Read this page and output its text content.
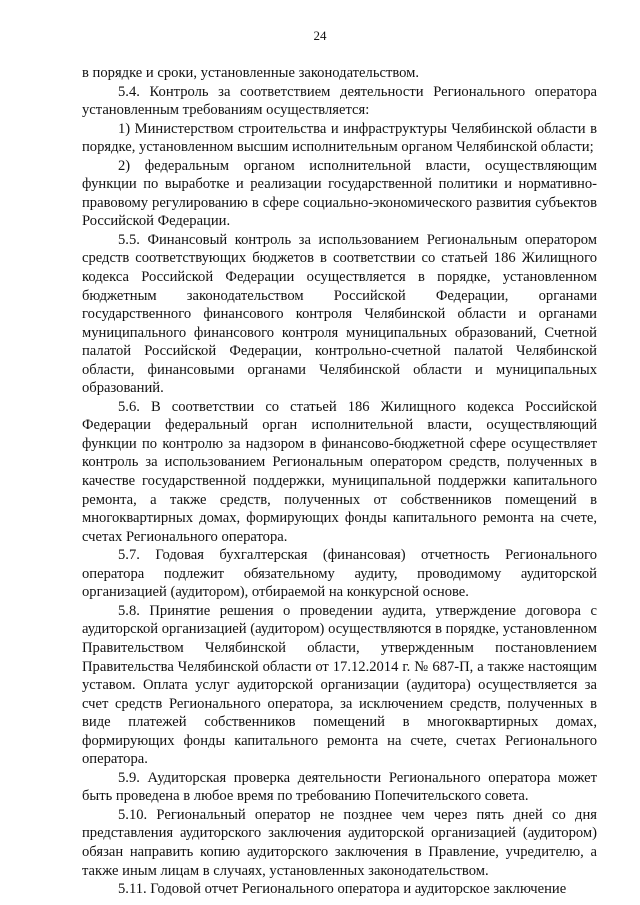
24

в порядке и сроки, установленные законодательством.

5.4. Контроль за соответствием деятельности Регионального оператора установленным требованиям осуществляется:

1) Министерством строительства и инфраструктуры Челябинской области в порядке, установленном высшим исполнительным органом Челябинской области;

2) федеральным органом исполнительной власти, осуществляющим функции по выработке и реализации государственной политики и нормативно-правовому регулированию в сфере социально-экономического развития субъектов Российской Федерации.

5.5. Финансовый контроль за использованием Региональным оператором средств соответствующих бюджетов в соответствии со статьей 186 Жилищного кодекса Российской Федерации осуществляется в порядке, установленном бюджетным законодательством Российской Федерации, органами государственного финансового контроля Челябинской области и органами муниципального финансового контроля муниципальных образований, Счетной палатой Российской Федерации, контрольно-счетной палатой Челябинской области, финансовыми органами Челябинской области и муниципальных образований.

5.6. В соответствии со статьей 186 Жилищного кодекса Российской Федерации федеральный орган исполнительной власти, осуществляющий функции по контролю за надзором в финансово-бюджетной сфере осуществляет контроль за использованием Региональным оператором средств, полученных в качестве государственной поддержки, муниципальной поддержки капитального ремонта, а также средств, полученных от собственников помещений в многоквартирных домах, формирующих фонды капитального ремонта на счете, счетах Регионального оператора.

5.7. Годовая бухгалтерская (финансовая) отчетность Регионального оператора подлежит обязательному аудиту, проводимому аудиторской организацией (аудитором), отбираемой на конкурсной основе.

5.8. Принятие решения о проведении аудита, утверждение договора с аудиторской организацией (аудитором) осуществляются в порядке, установленном Правительством Челябинской области, утвержденным постановлением Правительства Челябинской области от 17.12.2014 г. № 687-П, а также настоящим уставом. Оплата услуг аудиторской организации (аудитора) осуществляется за счет средств Регионального оператора, за исключением средств, полученных в виде платежей собственников помещений в многоквартирных домах, формирующих фонды капитального ремонта на счете, счетах Регионального оператора.

5.9. Аудиторская проверка деятельности Регионального оператора может быть проведена в любое время по требованию Попечительского совета.

5.10. Региональный оператор не позднее чем через пять дней со дня представления аудиторского заключения аудиторской организацией (аудитором) обязан направить копию аудиторского заключения в Правление, учредителю, а также иным лицам в случаях, установленных законодательством.

5.11. Годовой отчет Регионального оператора и аудиторское заключение
